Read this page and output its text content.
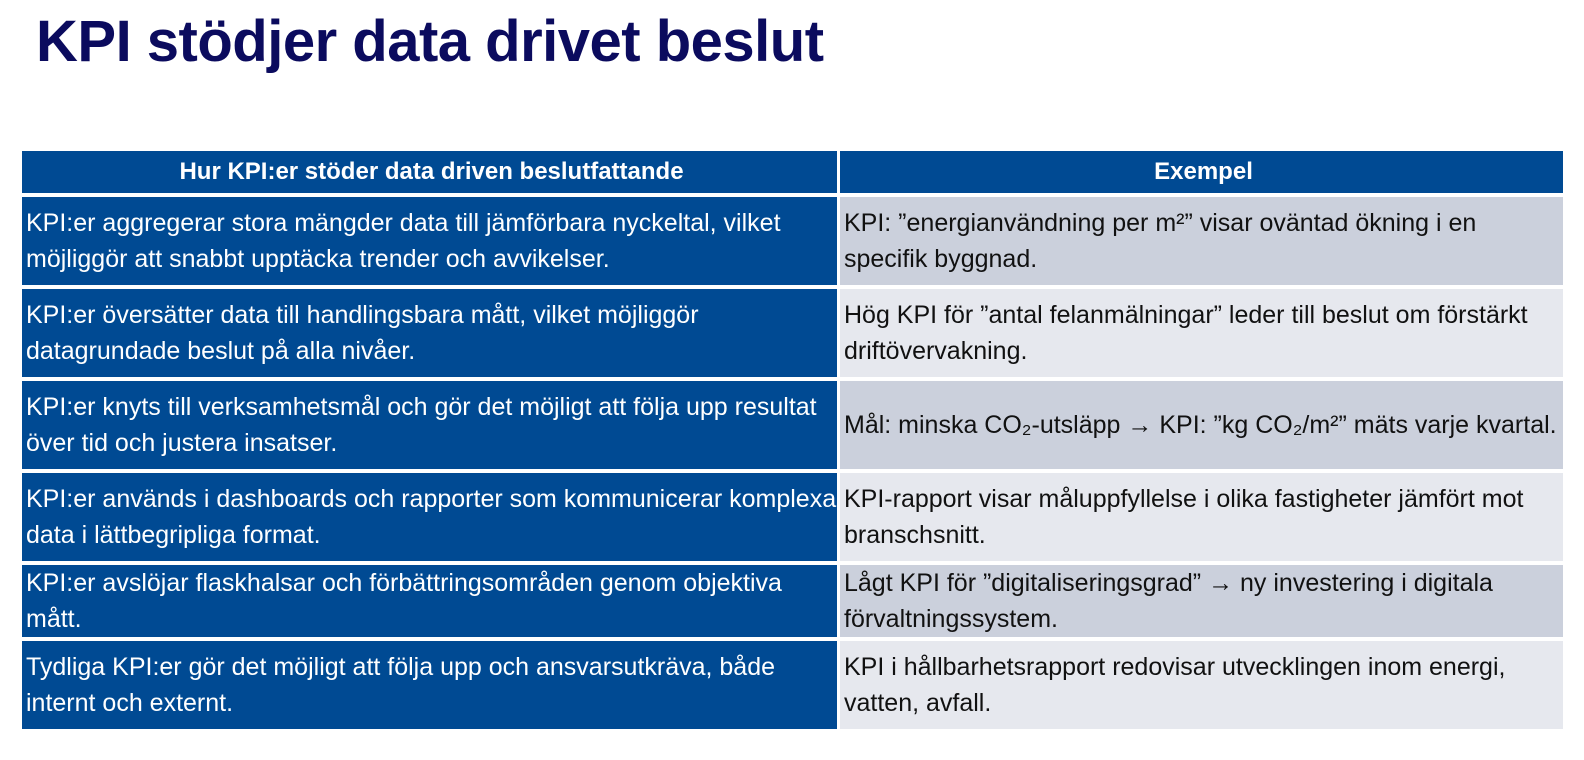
KPI stödjer data drivet beslut
Hur KPI:er stöder data driven beslutfattande	Exempel
KPI:er aggregerar stora mängder data till jämförbara nyckeltal, vilket möjliggör att snabbt upptäcka trender och avvikelser.	KPI: ”energianvändning per m²” visar oväntad ökning i en specifik byggnad.
KPI:er översätter data till handlingsbara mått, vilket möjliggör datagrundade beslut på alla nivåer.	Hög KPI för ”antal felanmälningar” leder till beslut om förstärkt driftövervakning.
KPI:er knyts till verksamhetsmål och gör det möjligt att följa upp resultat över tid och justera insatser.	Mål: minska CO₂-utsläpp → KPI: ”kg CO₂/m²” mäts varje kvartal.
KPI:er används i dashboards och rapporter som kommunicerar komplexa data i lättbegripliga format.	KPI-rapport visar måluppfyllelse i olika fastigheter jämfört mot branschsnitt.
KPI:er avslöjar flaskhalsar och förbättringsområden genom objektiva mått.	Lågt KPI för ”digitaliseringsgrad” → ny investering i digitala förvaltningssystem.
Tydliga KPI:er gör det möjligt att följa upp och ansvarsutkräva, både internt och externt.	KPI i hållbarhetsrapport redovisar utvecklingen inom energi, vatten, avfall.
